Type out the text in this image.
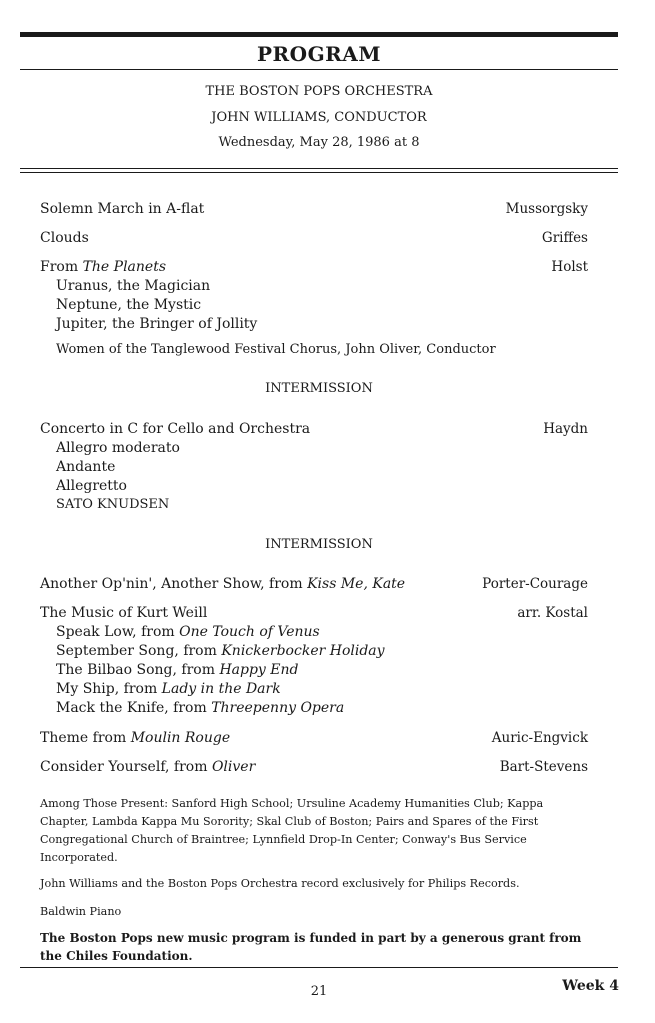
PROGRAM
THE BOSTON POPS ORCHESTRA
JOHN WILLIAMS, CONDUCTOR
Wednesday, May 28, 1986 at 8
Solemn March in A-flat	Mussorgsky
Clouds	Griffes
From The Planets	Holst
Uranus, the Magician
Neptune, the Mystic
Jupiter, the Bringer of Jollity
Women of the Tanglewood Festival Chorus, John Oliver, Conductor
INTERMISSION
Concerto in C for Cello and Orchestra	Haydn
Allegro moderato
Andante
Allegretto
SATO KNUDSEN
INTERMISSION
Another Op'nin', Another Show, from Kiss Me, Kate	Porter-Courage
The Music of Kurt Weill	arr. Kostal
Speak Low, from One Touch of Venus
September Song, from Knickerbocker Holiday
The Bilbao Song, from Happy End
My Ship, from Lady in the Dark
Mack the Knife, from Threepenny Opera
Theme from Moulin Rouge	Auric-Engvick
Consider Yourself, from Oliver	Bart-Stevens
Among Those Present: Sanford High School; Ursuline Academy Humanities Club; Kappa Chapter, Lambda Kappa Mu Sorority; Skal Club of Boston; Pairs and Spares of the First Congregational Church of Braintree; Lynnfield Drop-In Center; Conway's Bus Service Incorporated.
John Williams and the Boston Pops Orchestra record exclusively for Philips Records.
Baldwin Piano
The Boston Pops new music program is funded in part by a generous grant from the Chiles Foundation.
21	Week 4
